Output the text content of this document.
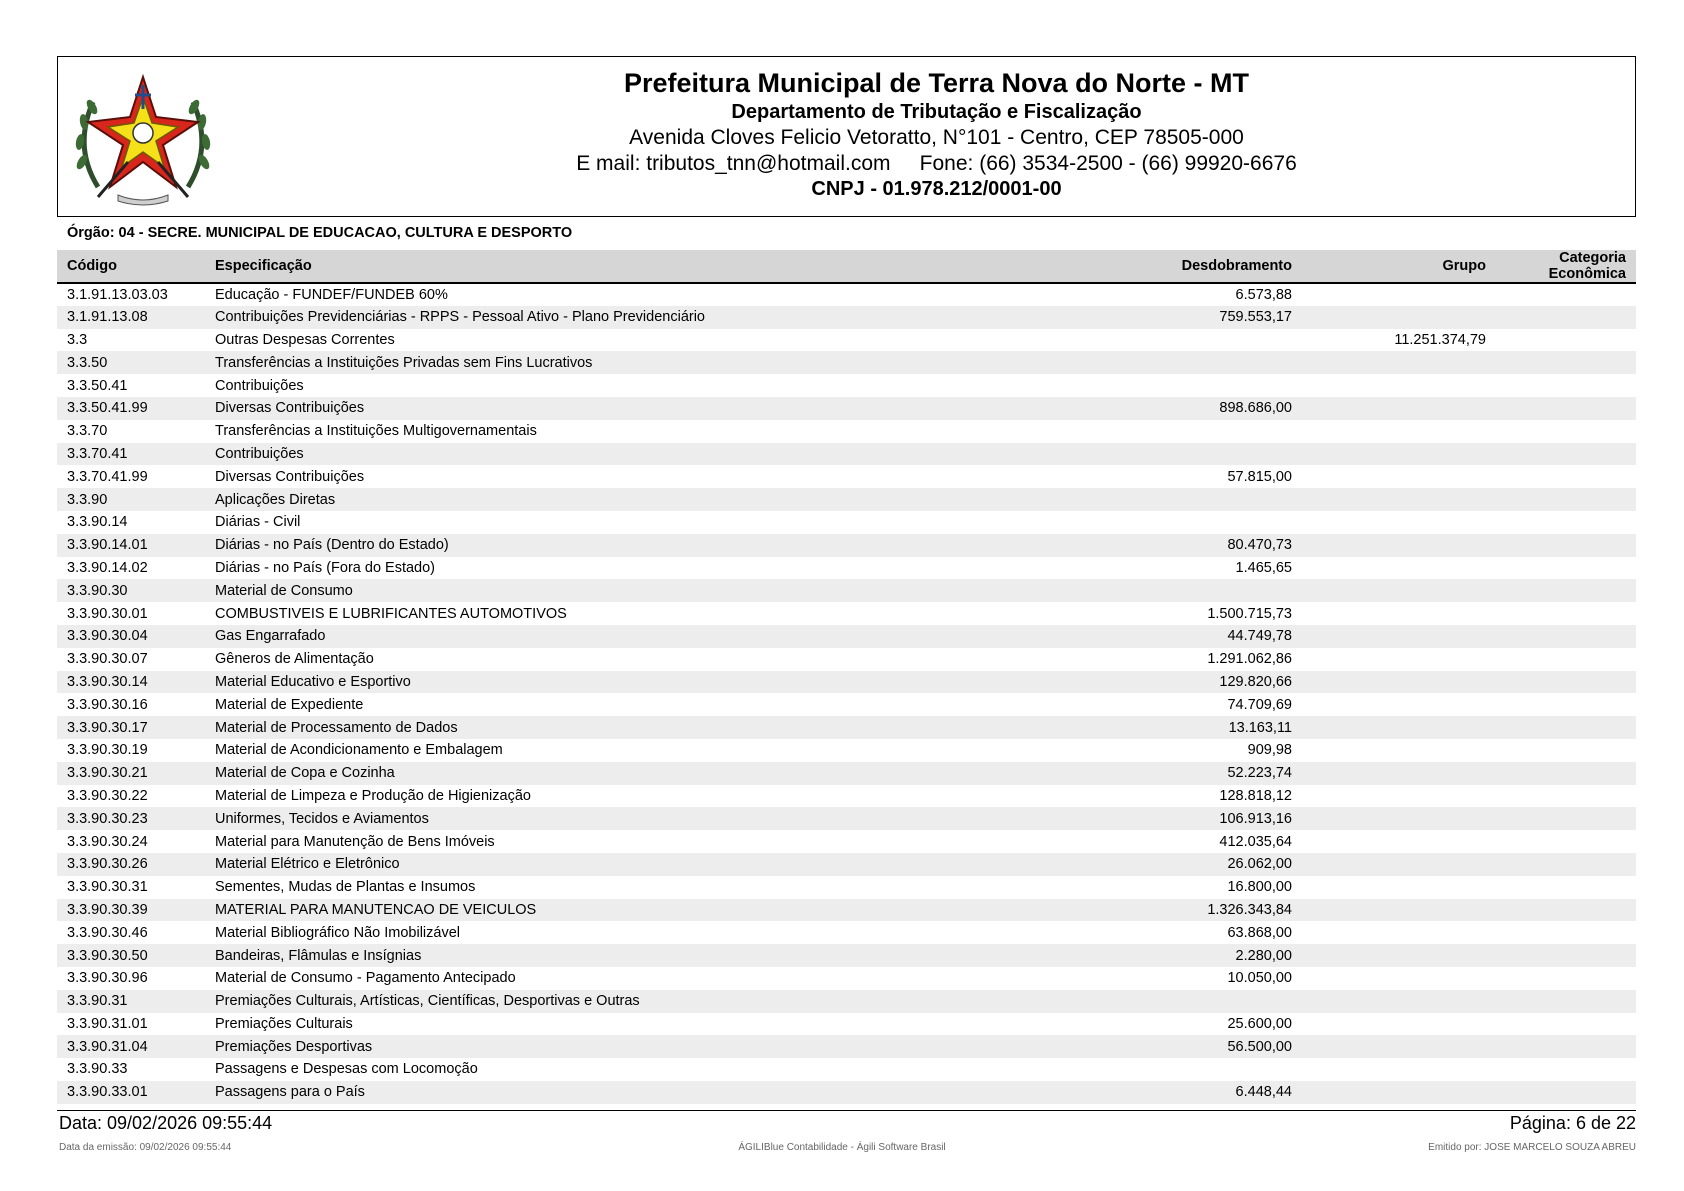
Prefeitura Municipal de Terra Nova do Norte - MT
Departamento de Tributação e Fiscalização
Avenida Cloves Felicio Vetoratto, N°101 - Centro, CEP 78505-000
E mail: tributos_tnn@hotmail.com     Fone: (66) 3534-2500 - (66) 99920-6676
CNPJ - 01.978.212/0001-00
Órgão: 04 - SECRE. MUNICIPAL DE EDUCACAO, CULTURA E DESPORTO
Código	Especificação	Desdobramento	Grupo	Categoria Econômica
3.1.91.13.03.03	Educação - FUNDEF/FUNDEB 60%	6.573,88		
3.1.91.13.08	Contribuições Previdenciárias - RPPS - Pessoal Ativo - Plano Previdenciário	759.553,17		
3.3	Outras Despesas Correntes		11.251.374,79	
3.3.50	Transferências a Instituições Privadas sem Fins Lucrativos			
3.3.50.41	Contribuições			
3.3.50.41.99	Diversas Contribuições	898.686,00		
3.3.70	Transferências a Instituições Multigovernamentais			
3.3.70.41	Contribuições			
3.3.70.41.99	Diversas Contribuições	57.815,00		
3.3.90	Aplicações Diretas			
3.3.90.14	Diárias - Civil			
3.3.90.14.01	Diárias - no País (Dentro do Estado)	80.470,73		
3.3.90.14.02	Diárias - no País (Fora do Estado)	1.465,65		
3.3.90.30	Material de Consumo			
3.3.90.30.01	COMBUSTIVEIS E LUBRIFICANTES AUTOMOTIVOS	1.500.715,73		
3.3.90.30.04	Gas Engarrafado	44.749,78		
3.3.90.30.07	Gêneros de Alimentação	1.291.062,86		
3.3.90.30.14	Material Educativo e Esportivo	129.820,66		
3.3.90.30.16	Material de Expediente	74.709,69		
3.3.90.30.17	Material de Processamento de Dados	13.163,11		
3.3.90.30.19	Material de Acondicionamento e Embalagem	909,98		
3.3.90.30.21	Material de Copa e Cozinha	52.223,74		
3.3.90.30.22	Material de Limpeza e Produção de Higienização	128.818,12		
3.3.90.30.23	Uniformes, Tecidos e Aviamentos	106.913,16		
3.3.90.30.24	Material para Manutenção de Bens Imóveis	412.035,64		
3.3.90.30.26	Material Elétrico e Eletrônico	26.062,00		
3.3.90.30.31	Sementes, Mudas de Plantas e Insumos	16.800,00		
3.3.90.30.39	MATERIAL PARA MANUTENCAO DE VEICULOS	1.326.343,84		
3.3.90.30.46	Material Bibliográfico Não Imobilizável	63.868,00		
3.3.90.30.50	Bandeiras, Flâmulas e Insígnias	2.280,00		
3.3.90.30.96	Material de Consumo - Pagamento Antecipado	10.050,00		
3.3.90.31	Premiações Culturais, Artísticas, Científicas, Desportivas e Outras			
3.3.90.31.01	Premiações Culturais	25.600,00		
3.3.90.31.04	Premiações Desportivas	56.500,00		
3.3.90.33	Passagens e Despesas com Locomoção			
3.3.90.33.01	Passagens para o País	6.448,44		
Data: 09/02/2026 09:55:44	Página: 6 de 22
Data da emissão: 09/02/2026 09:55:44	ÁGILIBlue Contabilidade - Ágili Software Brasil	Emitido por: JOSE MARCELO SOUZA ABREU
